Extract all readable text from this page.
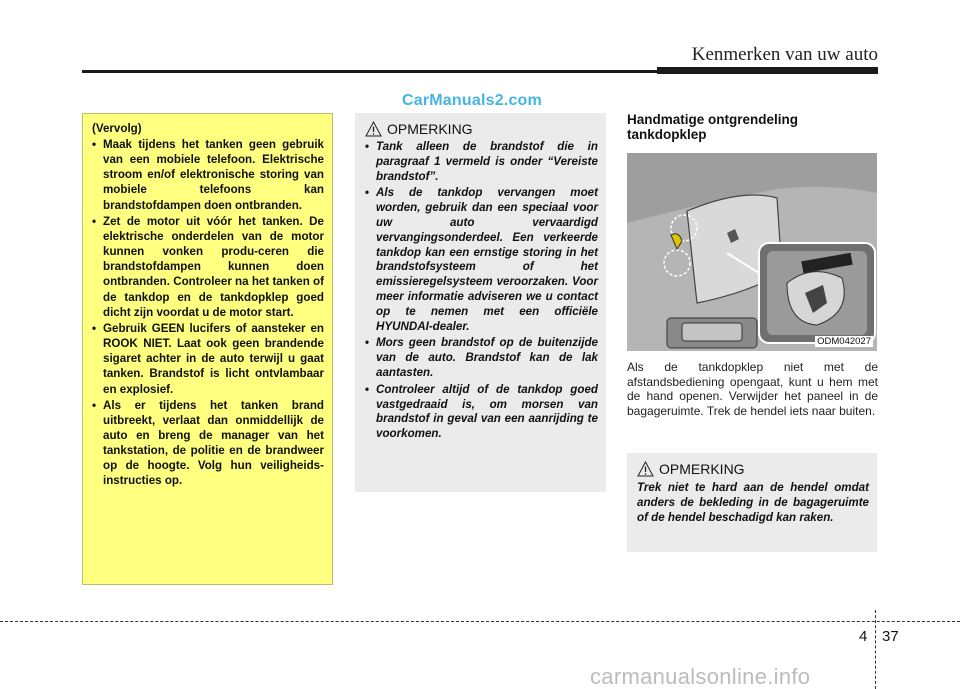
Kenmerken van uw auto
CarManuals2.com
(Vervolg)
• Maak tijdens het tanken geen gebruik van een mobiele telefoon. Elektrische stroom en/of elektronische storing van mobiele telefoons kan brandstofdampen doen ontbranden.
• Zet de motor uit vóór het tanken. De elektrische onderdelen van de motor kunnen vonken produ-ceren die brandstofdampen kunnen doen ontbranden. Controleer na het tanken of de tankdop en de tankdopklep goed dicht zijn voordat u de motor start.
• Gebruik GEEN lucifers of aansteker en ROOK NIET. Laat ook geen brandende sigaret achter in de auto terwijl u gaat tanken. Brandstof is licht ontvlambaar en explosief.
• Als er tijdens het tanken brand uitbreekt, verlaat dan onmiddellijk de auto en breng de manager van het tankstation, de politie en de brandweer op de hoogte. Volg hun veiligheids-instructies op.
OPMERKING
• Tank alleen de brandstof die in paragraaf 1 vermeld is onder “Vereiste brandstof”.
• Als de tankdop vervangen moet worden, gebruik dan een speciaal voor uw auto vervaardigd vervangingsonderdeel. Een verkeerde tankdop kan een ernstige storing in het brandstofsysteem of het emissieregelsysteem veroorzaken. Voor meer informatie adviseren we u contact op te nemen met een officiële HYUNDAI-dealer.
• Mors geen brandstof op de buitenzijde van de auto. Brandstof kan de lak aantasten.
• Controleer altijd of de tankdop goed vastgedraaid is, om morsen van brandstof in geval van een aanrijding te voorkomen.
Handmatige ontgrendeling tankdopklep
ODM042027
Als de tankdopklep niet met de afstandsbediening opengaat, kunt u hem met de hand openen. Verwijder het paneel in de bagageruimte. Trek de hendel iets naar buiten.
OPMERKING
Trek niet te hard aan de hendel omdat anders de bekleding in de bagageruimte of de hendel beschadigd kan raken.
4 37
carmanualsonline.info
